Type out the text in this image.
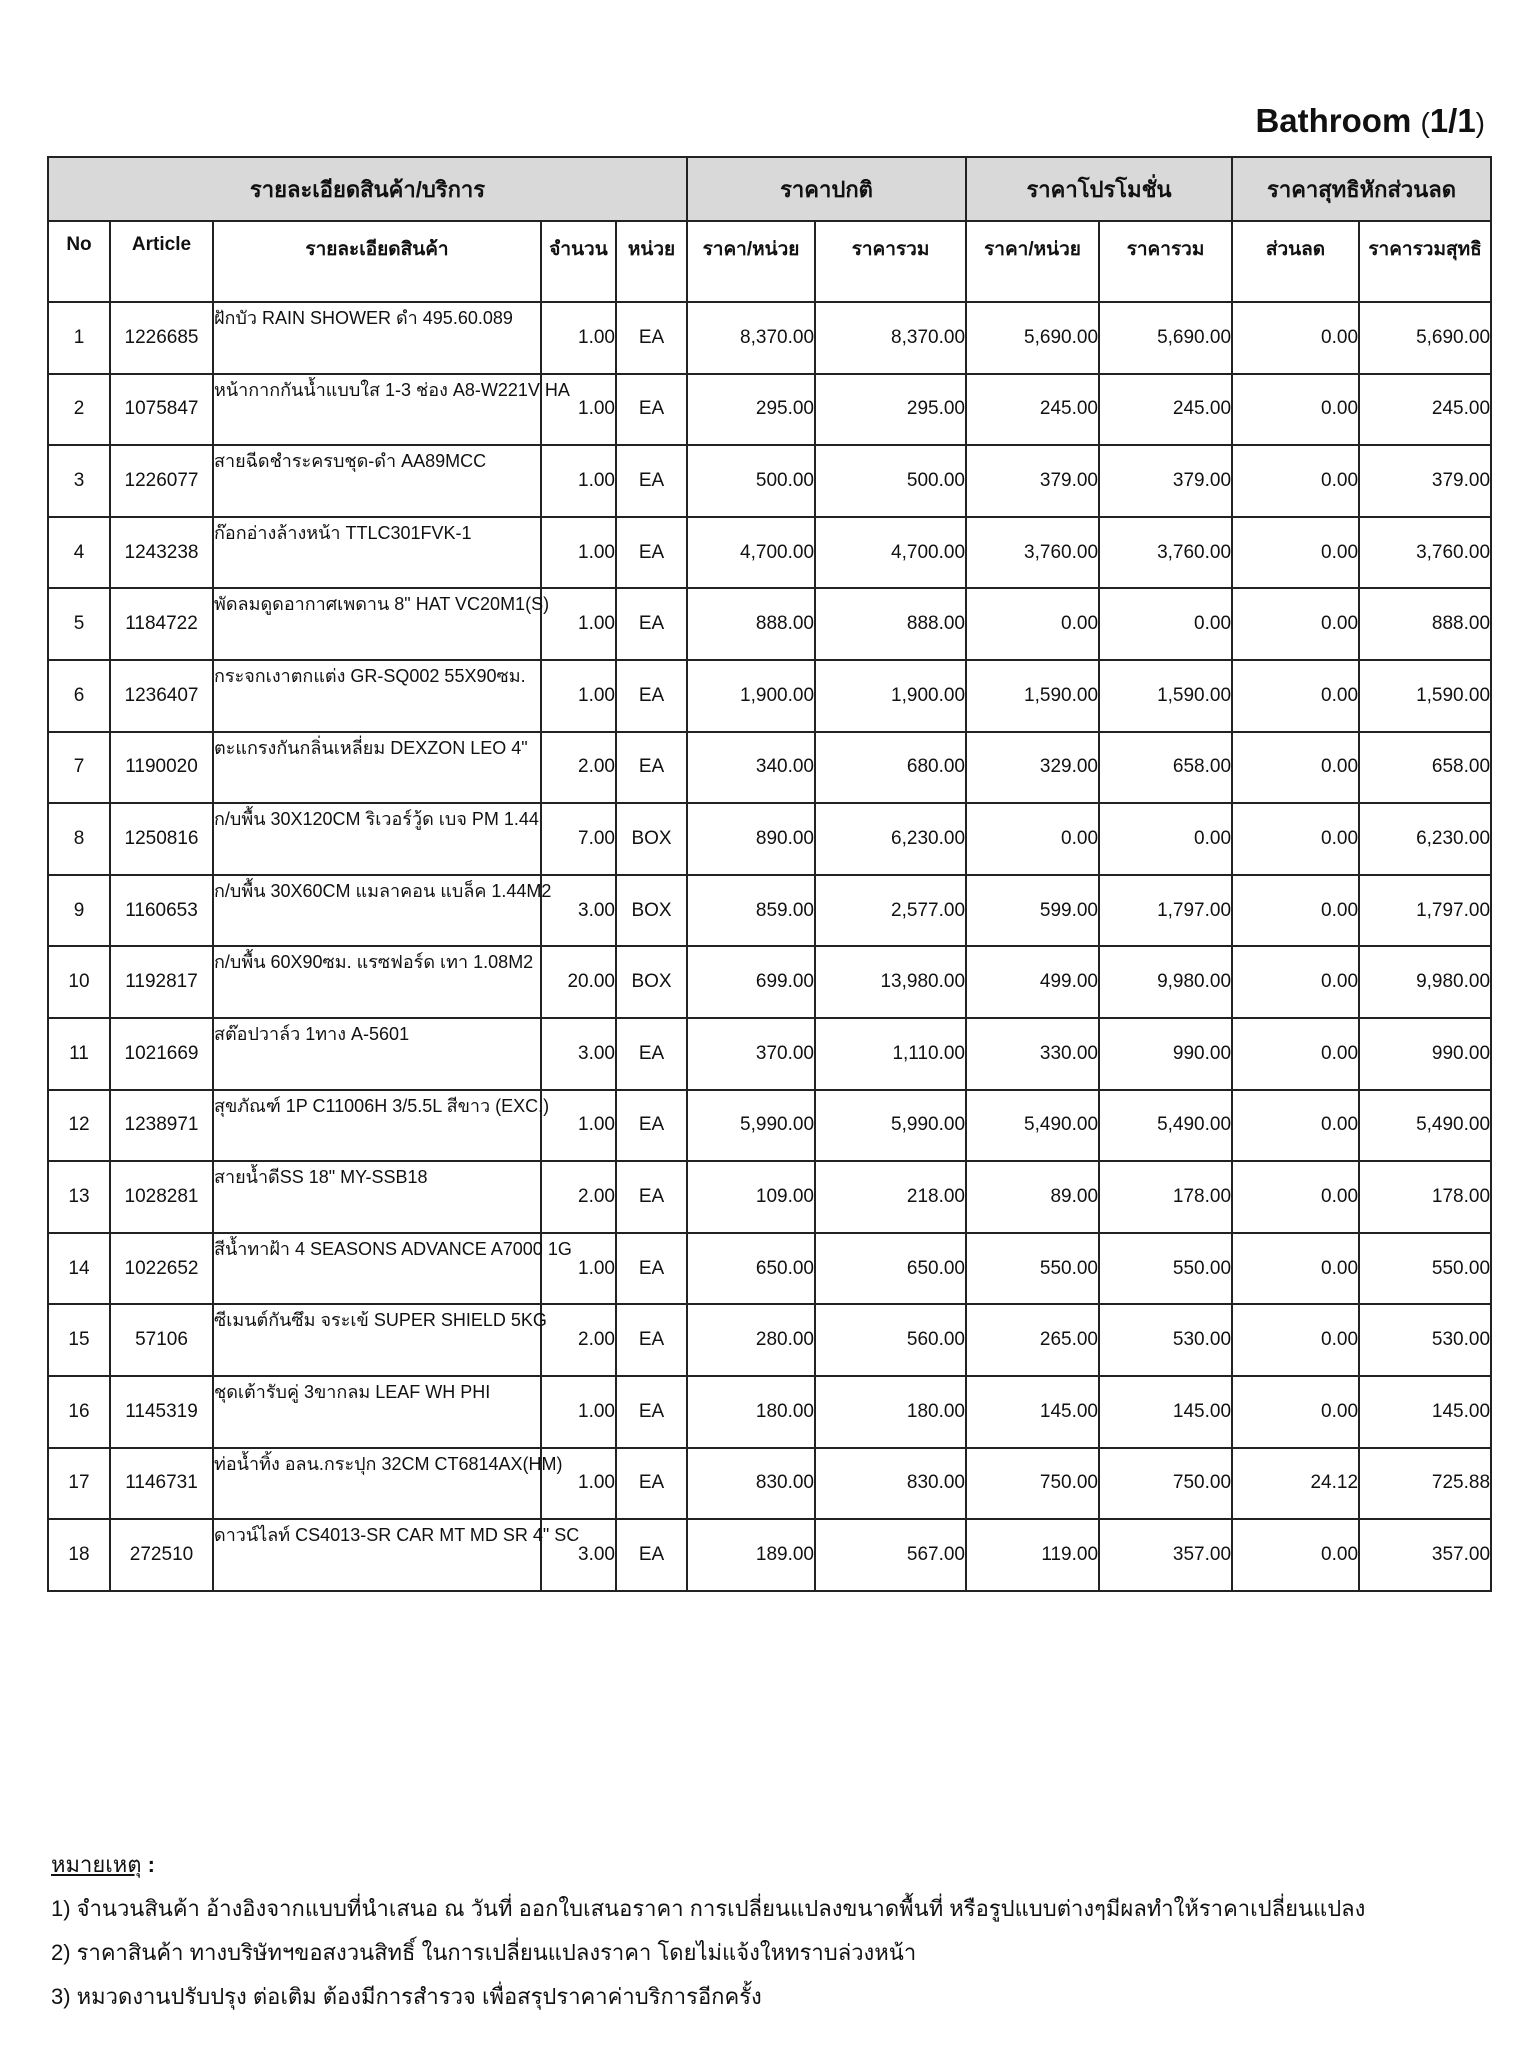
Bathroom (1/1)
รายละเอียดสินค้า/บริการ					ราคาปกติ		ราคาโปรโมชั่น		ราคาสุทธิหักส่วนลด	
No	Article	รายละเอียดสินค้า	จำนวน	หน่วย	ราคา/หน่วย	ราคารวม	ราคา/หน่วย	ราคารวม	ส่วนลด	ราคารวมสุทธิ
1	1226685	ฝักบัว RAIN SHOWER ดำ 495.60.089	1.00	EA	8,370.00	8,370.00	5,690.00	5,690.00	0.00	5,690.00
2	1075847	หน้ากากกันน้ำแบบใส 1-3 ช่อง A8-W221V HA	1.00	EA	295.00	295.00	245.00	245.00	0.00	245.00
3	1226077	สายฉีดชำระครบชุด-ดำ AA89MCC	1.00	EA	500.00	500.00	379.00	379.00	0.00	379.00
4	1243238	ก๊อกอ่างล้างหน้า TTLC301FVK-1	1.00	EA	4,700.00	4,700.00	3,760.00	3,760.00	0.00	3,760.00
5	1184722	พัดลมดูดอากาศเพดาน 8" HAT VC20M1(S)	1.00	EA	888.00	888.00	0.00	0.00	0.00	888.00
6	1236407	กระจกเงาตกแต่ง GR-SQ002 55X90ซม.	1.00	EA	1,900.00	1,900.00	1,590.00	1,590.00	0.00	1,590.00
7	1190020	ตะแกรงกันกลิ่นเหลี่ยม DEXZON LEO 4"	2.00	EA	340.00	680.00	329.00	658.00	0.00	658.00
8	1250816	ก/บพื้น 30X120CM ริเวอร์วู้ด เบจ PM 1.44	7.00	BOX	890.00	6,230.00	0.00	0.00	0.00	6,230.00
9	1160653	ก/บพื้น 30X60CM แมลาคอน แบล็ค 1.44M2	3.00	BOX	859.00	2,577.00	599.00	1,797.00	0.00	1,797.00
10	1192817	ก/บพื้น 60X90ซม. แรซฟอร์ด เทา 1.08M2	20.00	BOX	699.00	13,980.00	499.00	9,980.00	0.00	9,980.00
11	1021669	สต๊อปวาล์ว 1ทาง A-5601	3.00	EA	370.00	1,110.00	330.00	990.00	0.00	990.00
12	1238971	สุขภัณฑ์ 1P C11006H 3/5.5L สีขาว (EXC.)	1.00	EA	5,990.00	5,990.00	5,490.00	5,490.00	0.00	5,490.00
13	1028281	สายน้ำดีSS 18" MY-SSB18	2.00	EA	109.00	218.00	89.00	178.00	0.00	178.00
14	1022652	สีน้ำทาฝ้า 4 SEASONS ADVANCE A7000 1G	1.00	EA	650.00	650.00	550.00	550.00	0.00	550.00
15	57106	ซีเมนต์กันซึม จระเข้ SUPER SHIELD 5KG	2.00	EA	280.00	560.00	265.00	530.00	0.00	530.00
16	1145319	ชุดเต้ารับคู่ 3ขากลม LEAF WH PHI	1.00	EA	180.00	180.00	145.00	145.00	0.00	145.00
17	1146731	ท่อน้ำทิ้ง อลน.กระปุก 32CM CT6814AX(HM)	1.00	EA	830.00	830.00	750.00	750.00	24.12	725.88
18	272510	ดาวน์ไลท์ CS4013-SR CAR MT MD SR 4" SC	3.00	EA	189.00	567.00	119.00	357.00	0.00	357.00
หมายเหตุ :
1) จำนวนสินค้า อ้างอิงจากแบบที่นำเสนอ ณ วันที่ ออกใบเสนอราคา การเปลี่ยนแปลงขนาดพื้นที่ หรือรูปแบบต่างๆมีผลทำให้ราคาเปลี่ยนแปลง
2) ราคาสินค้า ทางบริษัทฯขอสงวนสิทธิ์ ในการเปลี่ยนแปลงราคา โดยไม่แจ้งใหทราบล่วงหน้า
3) หมวดงานปรับปรุง ต่อเติม ต้องมีการสำรวจ เพื่อสรุปราคาค่าบริการอีกครั้ง
